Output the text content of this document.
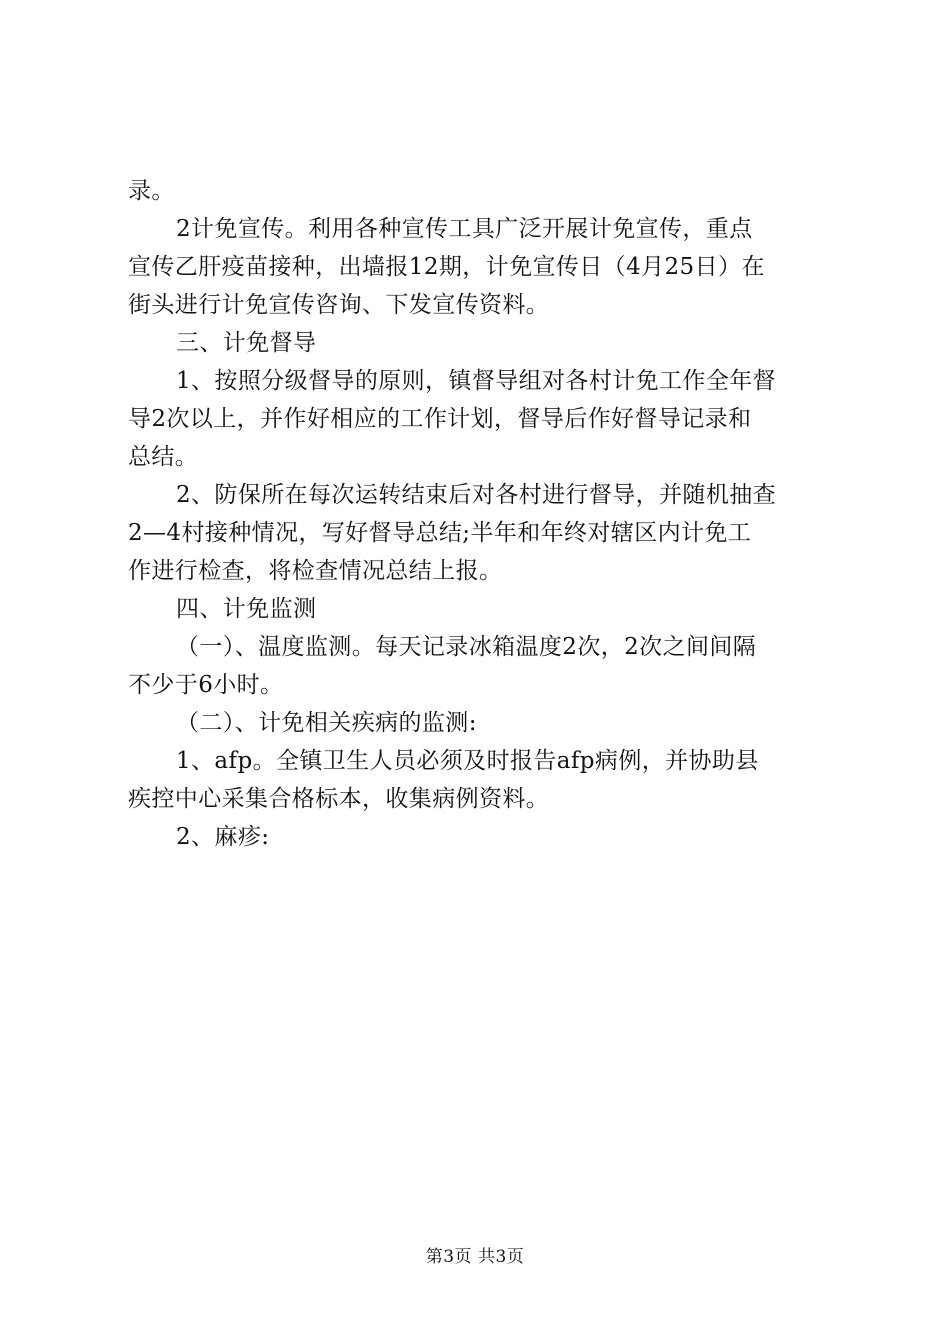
录。
2计免宣传。利用各种宣传工具广泛开展计免宣传，重点
宣传乙肝疫苗接种，出墙报12期，计免宣传日（4月25日）在
街头进行计免宣传咨询、下发宣传资料。
三、计免督导
1、按照分级督导的原则，镇督导组对各村计免工作全年督
导2次以上，并作好相应的工作计划，督导后作好督导记录和
总结。
2、防保所在每次运转结束后对各村进行督导，并随机抽查
2—4村接种情况，写好督导总结;半年和年终对辖区内计免工
作进行检查，将检查情况总结上报。
四、计免监测
（一）、温度监测。每天记录冰箱温度2次，2次之间间隔
不少于6小时。
（二）、计免相关疾病的监测:
1、afp。全镇卫生人员必须及时报告afp病例，并协助县
疾控中心采集合格标本，收集病例资料。
2、麻疹:
第3页 共3页
